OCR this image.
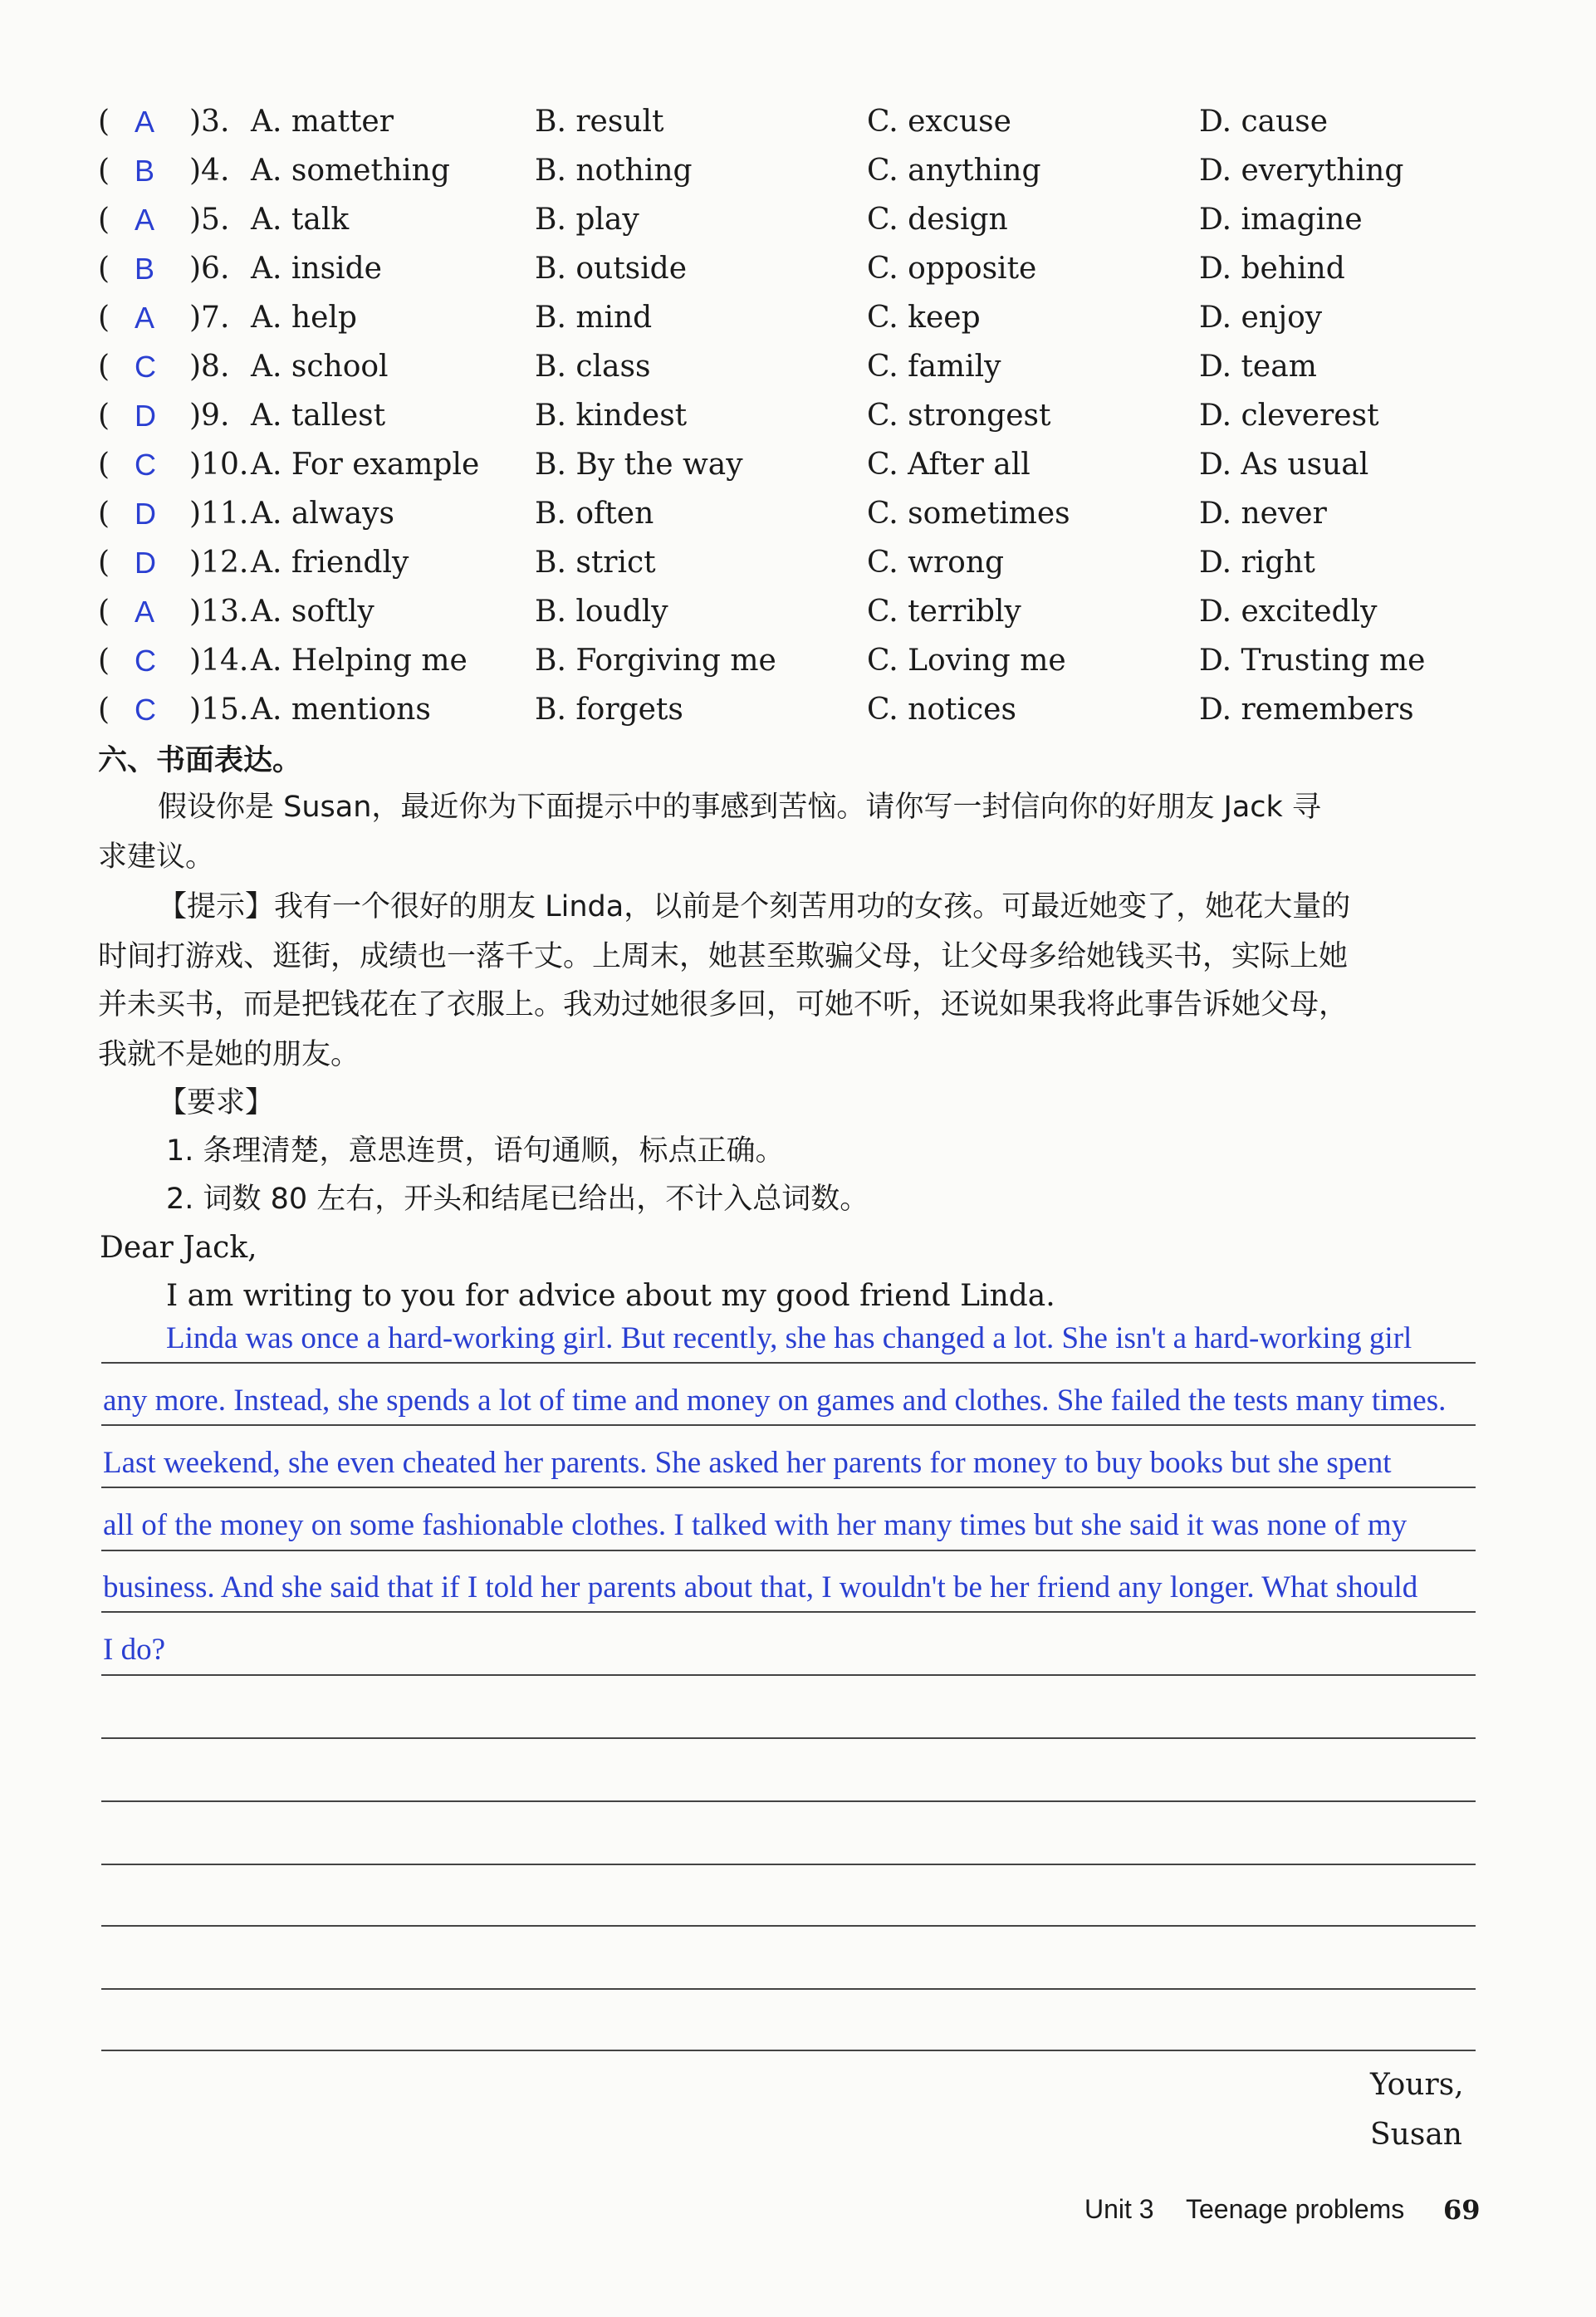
( A )3. A. matter	B. result	C. excuse	D. cause
( B )4. A. something	B. nothing	C. anything	D. everything
( A )5. A. talk	B. play	C. design	D. imagine
( B )6. A. inside	B. outside	C. opposite	D. behind
( A )7. A. help	B. mind	C. keep	D. enjoy
( C )8. A. school	B. class	C. family	D. team
( D )9. A. tallest	B. kindest	C. strongest	D. cleverest
( C )10. A. For example B. By the way	C. After all	D. As usual
( D )11. A. always	B. often	C. sometimes	D. never
( D )12. A. friendly	B. strict	C. wrong	D. right
( A )13. A. softly	B. loudly	C. terribly	D. excitedly
( C )14. A. Helping me B. Forgiving me	C. Loving me	D. Trusting me
( C )15. A. mentions	B. forgets	C. notices	D. remembers
六、书面表达。
假设你是 Susan，最近你为下面提示中的事感到苦恼。请你写一封信向你的好朋友 Jack 寻
求建议。
【提示】我有一个很好的朋友 Linda，以前是个刻苦用功的女孩。可最近她变了，她花大量的
时间打游戏、逛街，成绩也一落千丈。上周末，她甚至欺骗父母，让父母多给她钱买书，实际上她
并未买书，而是把钱花在了衣服上。我劝过她很多回，可她不听，还说如果我将此事告诉她父母，
我就不是她的朋友。
【要求】
1. 条理清楚，意思连贯，语句通顺，标点正确。
2. 词数 80 左右，开头和结尾已给出，不计入总词数。
Dear Jack,
I am writing to you for advice about my good friend Linda.
Linda was once a hard-working girl. But recently, she has changed a lot. She isn't a hard-working girl
any more. Instead, she spends a lot of time and money on games and clothes. She failed the tests many times.
Last weekend, she even cheated her parents. She asked her parents for money to buy books but she spent
all of the money on some fashionable clothes. I talked with her many times but she said it was none of my
business. And she said that if I told her parents about that, I wouldn't be her friend any longer. What should
I do?
Yours,
Susan
Unit 3 Teenage problems 69
